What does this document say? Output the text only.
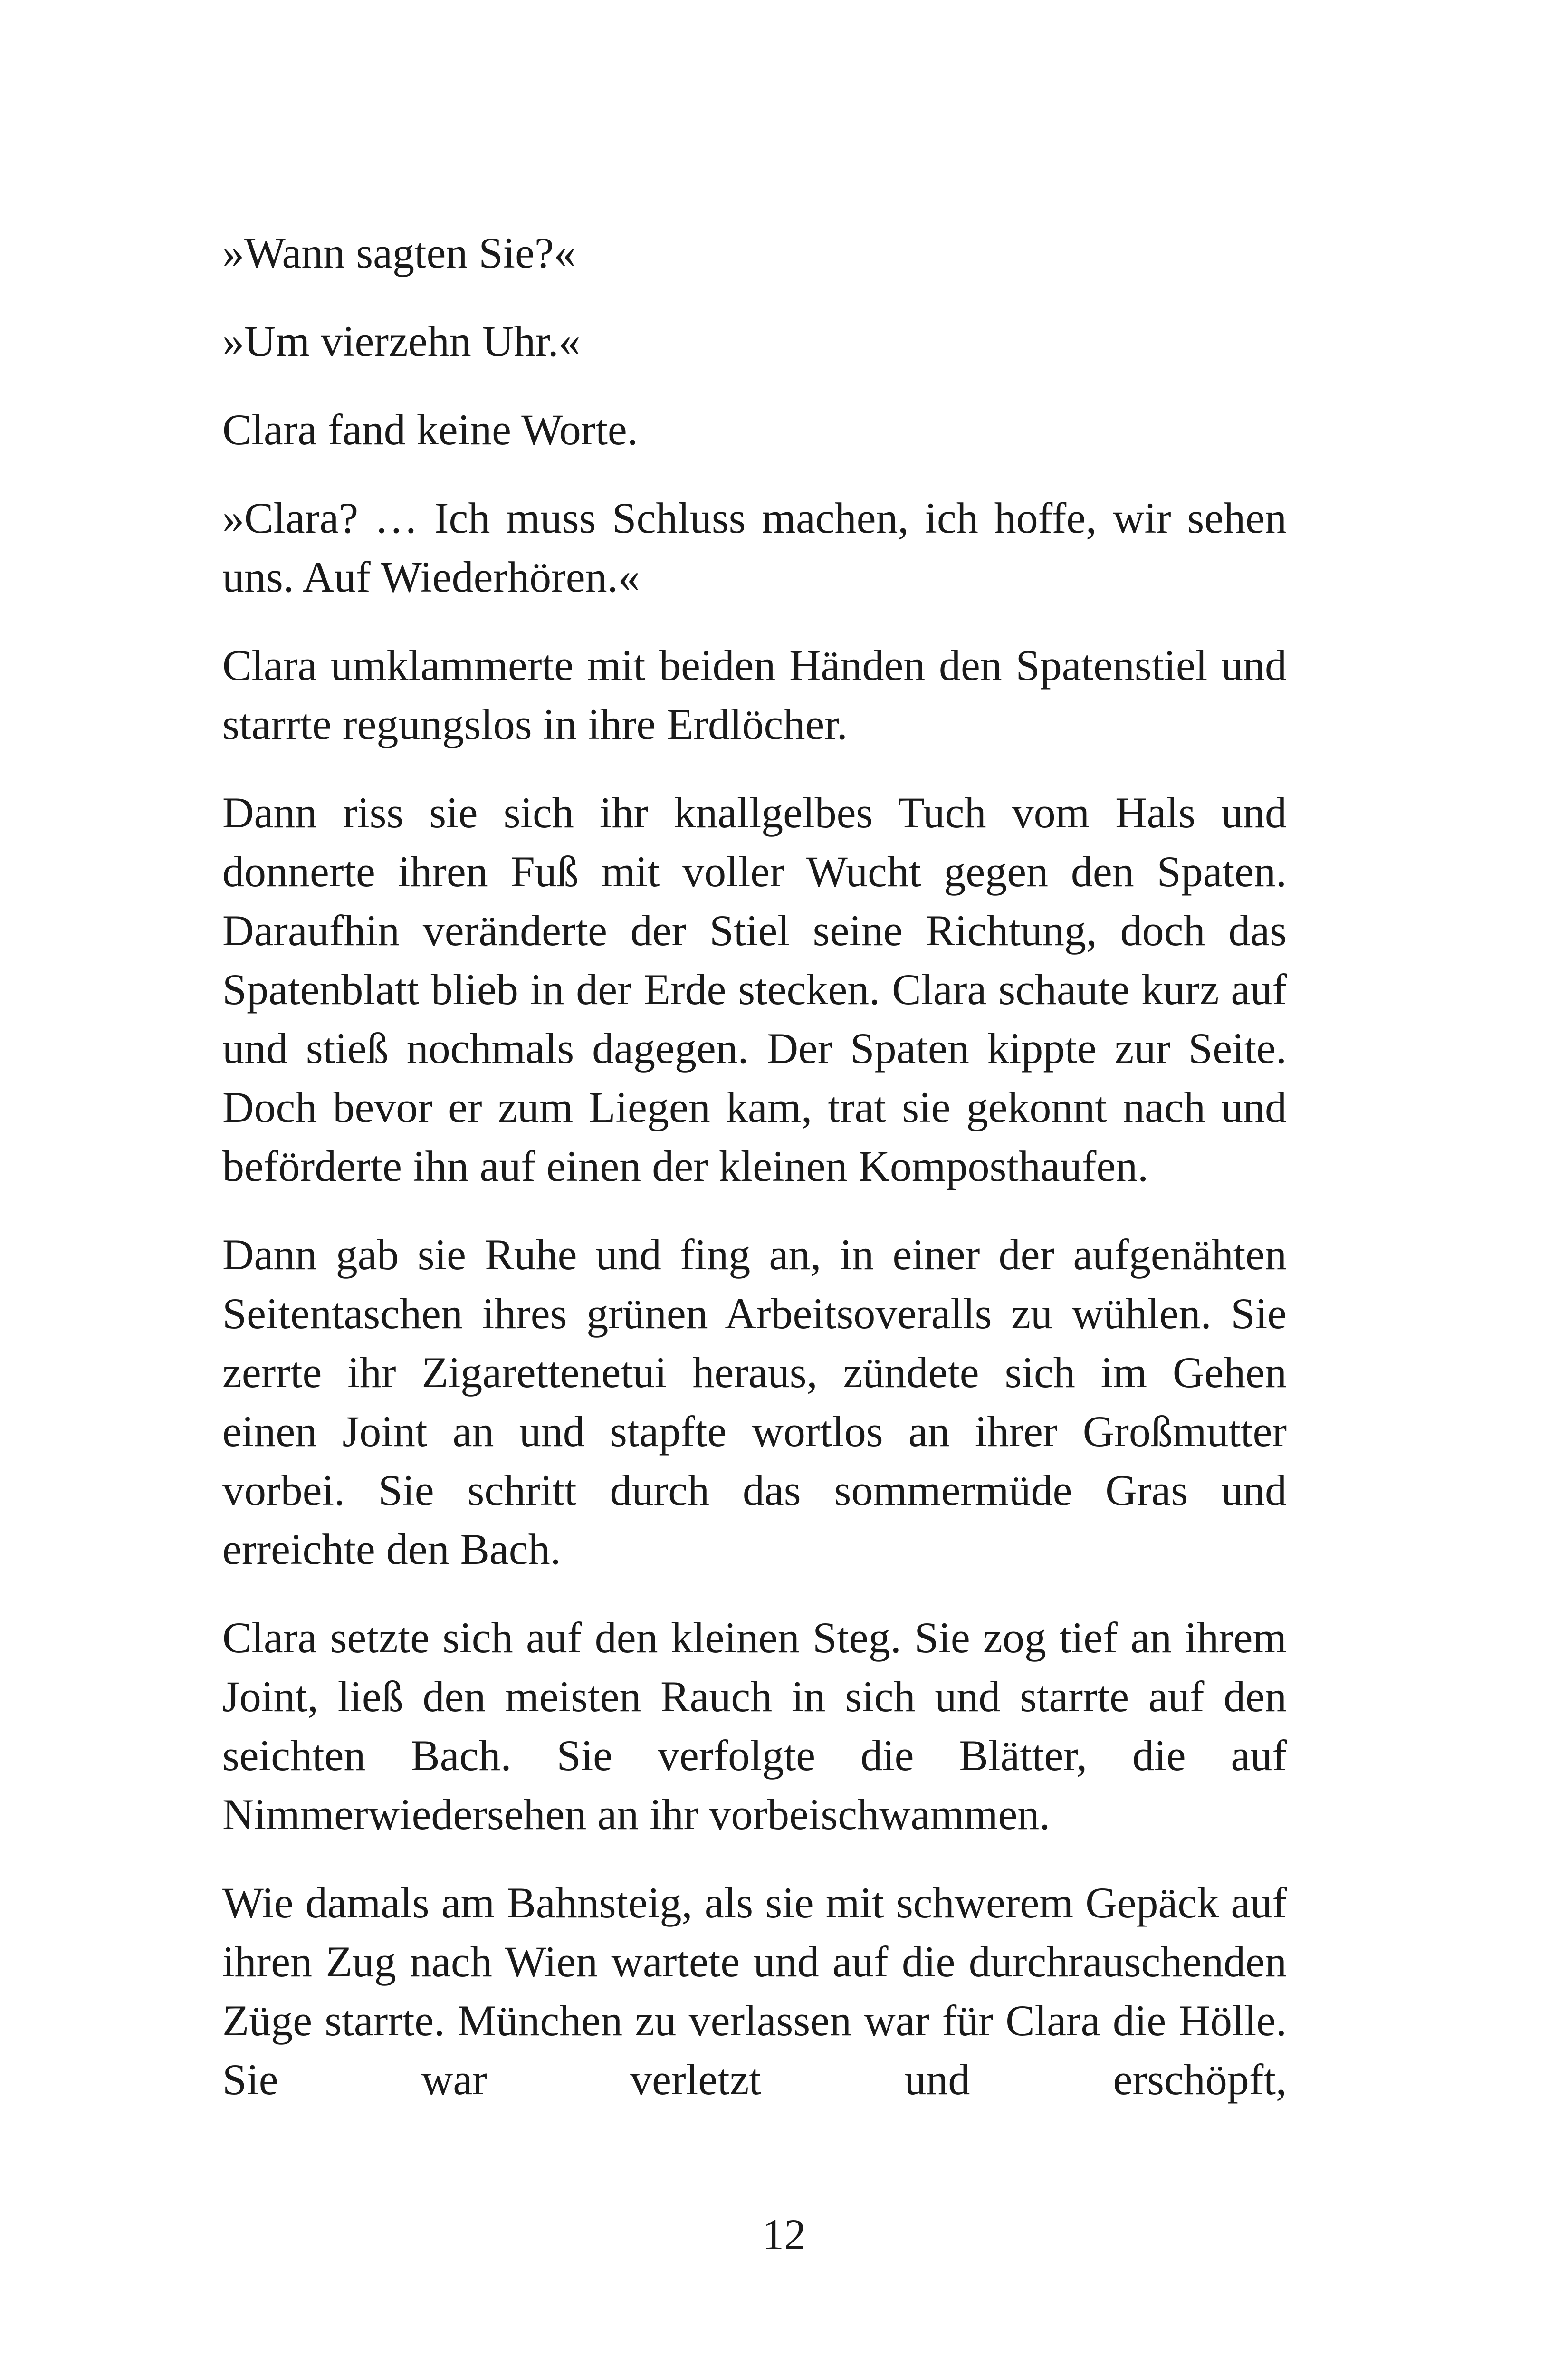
»Wann sagten Sie?«

»Um vierzehn Uhr.«

Clara fand keine Worte.

»Clara? … Ich muss Schluss machen, ich hoffe, wir sehen uns. Auf Wiederhören.«

Clara umklammerte mit beiden Händen den Spatenstiel und starrte regungslos in ihre Erdlöcher.

Dann riss sie sich ihr knallgelbes Tuch vom Hals und donnerte ihren Fuß mit voller Wucht gegen den Spaten. Daraufhin veränderte der Stiel seine Richtung, doch das Spatenblatt blieb in der Erde stecken. Clara schaute kurz auf und stieß nochmals dagegen. Der Spaten kippte zur Seite. Doch bevor er zum Liegen kam, trat sie gekonnt nach und beförderte ihn auf einen der kleinen Komposthaufen.

Dann gab sie Ruhe und fing an, in einer der aufgenähten Seitentaschen ihres grünen Arbeitsoveralls zu wühlen. Sie zerrte ihr Zigarettenetui heraus, zündete sich im Gehen einen Joint an und stapfte wortlos an ihrer Großmutter vorbei. Sie schritt durch das sommermüde Gras und erreichte den Bach.

Clara setzte sich auf den kleinen Steg. Sie zog tief an ihrem Joint, ließ den meisten Rauch in sich und starrte auf den seichten Bach. Sie verfolgte die Blätter, die auf Nimmerwiedersehen an ihr vorbeischwammen.

Wie damals am Bahnsteig, als sie mit schwerem Gepäck auf ihren Zug nach Wien wartete und auf die durchrauschenden Züge starrte. München zu verlassen war für Clara die Hölle. Sie war verletzt und erschöpft,

12
